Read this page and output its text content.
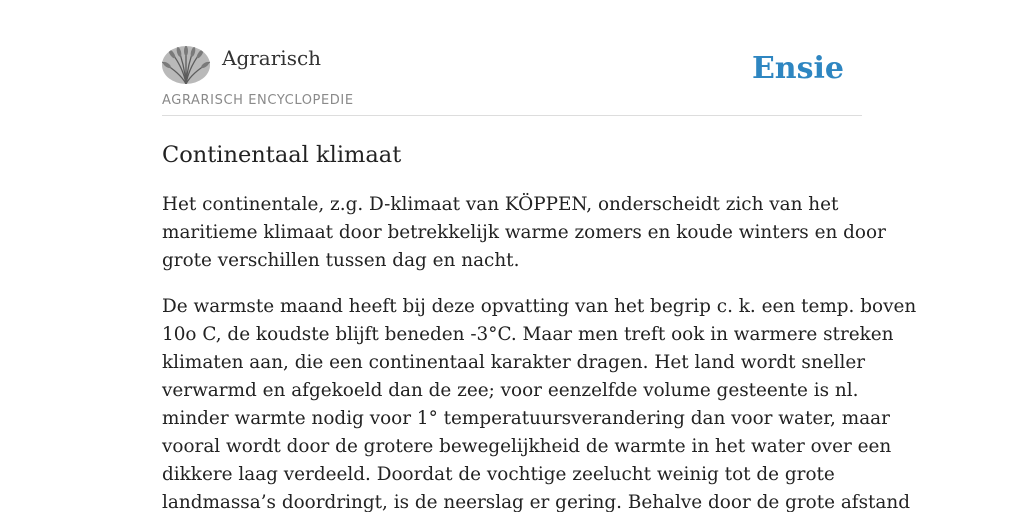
Agrarisch
AGRARISCH ENCYCLOPEDIE
Ensie
Continentaal klimaat

Het continentale, z.g. D-klimaat van KÖPPEN, onderscheidt zich van het
maritieme klimaat door betrekkelijk warme zomers en koude winters en door
grote verschillen tussen dag en nacht.

De warmste maand heeft bij deze opvatting van het begrip c. k. een temp. boven
10o C, de koudste blijft beneden -3°C. Maar men treft ook in warmere streken
klimaten aan, die een continentaal karakter dragen. Het land wordt sneller
verwarmd en afgekoeld dan de zee; voor eenzelfde volume gesteente is nl.
minder warmte nodig voor 1° temperatuursverandering dan voor water, maar
vooral wordt door de grotere bewegelijkheid de warmte in het water over een
dikkere laag verdeeld. Doordat de vochtige zeelucht weinig tot de grote
landmassa’s doordringt, is de neerslag er gering. Behalve door de grote afstand
